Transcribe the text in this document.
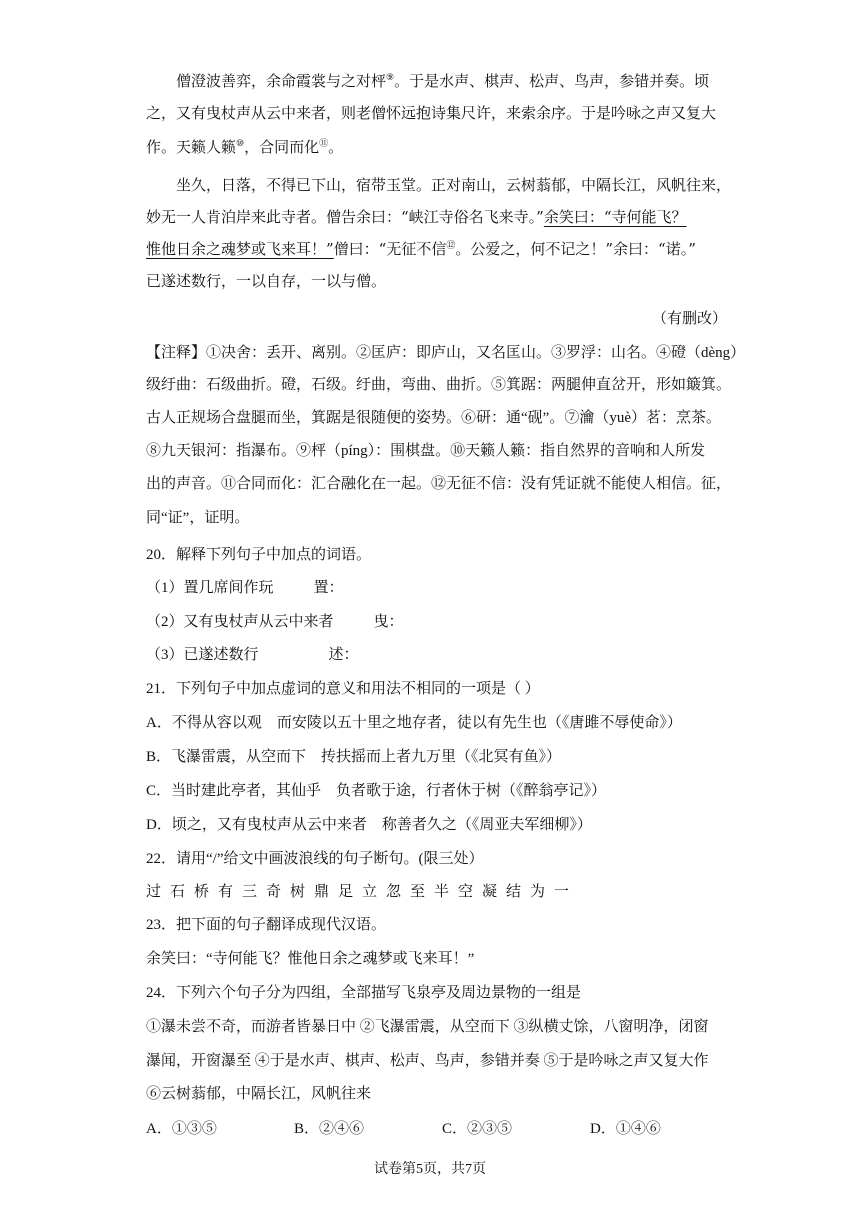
僧澄波善弈，余命霞裳与之对枰⑨。于是水声、棋声、松声、鸟声，参错并奏。顷
之，又有曳杖声从云中来者，则老僧怀远抱诗集尺许，来索余序。于是吟咏之声又复大
作。天籁人籁⑩，合同而化⑪。
坐久，日落，不得已下山，宿带玉堂。正对南山，云树蓊郁，中隔长江，风帆往来，
妙无一人肯泊岸来此寺者。僧告余曰：“峡江寺俗名飞来寺。”余笑曰：“寺何能飞？
惟他日余之魂梦或飞来耳！”僧曰：“无征不信⑫。公爱之，何不记之！”余曰：“诺。”
已遂述数行，一以自存，一以与僧。
（有删改）
【注释】①决舍：丢开、离别。②匡庐：即庐山，又名匡山。③罗浮：山名。④磴（dèng）
级纡曲：石级曲折。磴，石级。纡曲，弯曲、曲折。⑤箕踞：两腿伸直岔开，形如簸箕。
古人正规场合盘腿而坐，箕踞是很随便的姿势。⑥研：通“砚”。⑦瀹（yuè）茗：烹茶。
⑧九天银河：指瀑布。⑨枰（píng）：围棋盘。⑩天籁人籁：指自然界的音响和人所发
出的声音。⑪合同而化：汇合融化在一起。⑫无征不信：没有凭证就不能使人相信。征，
同“证”，证明。
20．解释下列句子中加点的词语。
（1）置几席间作玩	置：
（2）又有曳杖声从云中来者	曳：
（3）已遂述数行	述：
21．下列句子中加点虚词的意义和用法不相同的一项是（ ）
A．不得从容以观　而安陵以五十里之地存者，徒以有先生也（《唐雎不辱使命》）
B．飞瀑雷震，从空而下　抟扶摇而上者九万里（《北冥有鱼》）
C．当时建此亭者，其仙乎　负者歌于途，行者休于树（《醉翁亭记》）
D．顷之，又有曳杖声从云中来者　称善者久之（《周亚夫军细柳》）
22．请用“/”给文中画波浪线的句子断句。(限三处）
过石桥有三奇树鼎足立忽至半空凝结为一
23．把下面的句子翻译成现代汉语。
余笑曰：“寺何能飞？惟他日余之魂梦或飞来耳！”
24．下列六个句子分为四组，全部描写飞泉亭及周边景物的一组是
①瀑未尝不奇，而游者皆暴日中 ②飞瀑雷震，从空而下 ③纵横丈馀，八窗明净，闭窗
瀑闻，开窗瀑至 ④于是水声、棋声、松声、鸟声，参错并奏 ⑤于是吟咏之声又复大作
⑥云树蓊郁，中隔长江，风帆往来
A．①③⑤	B．②④⑥	C．②③⑤	D．①④⑥
试卷第5页，共7页
